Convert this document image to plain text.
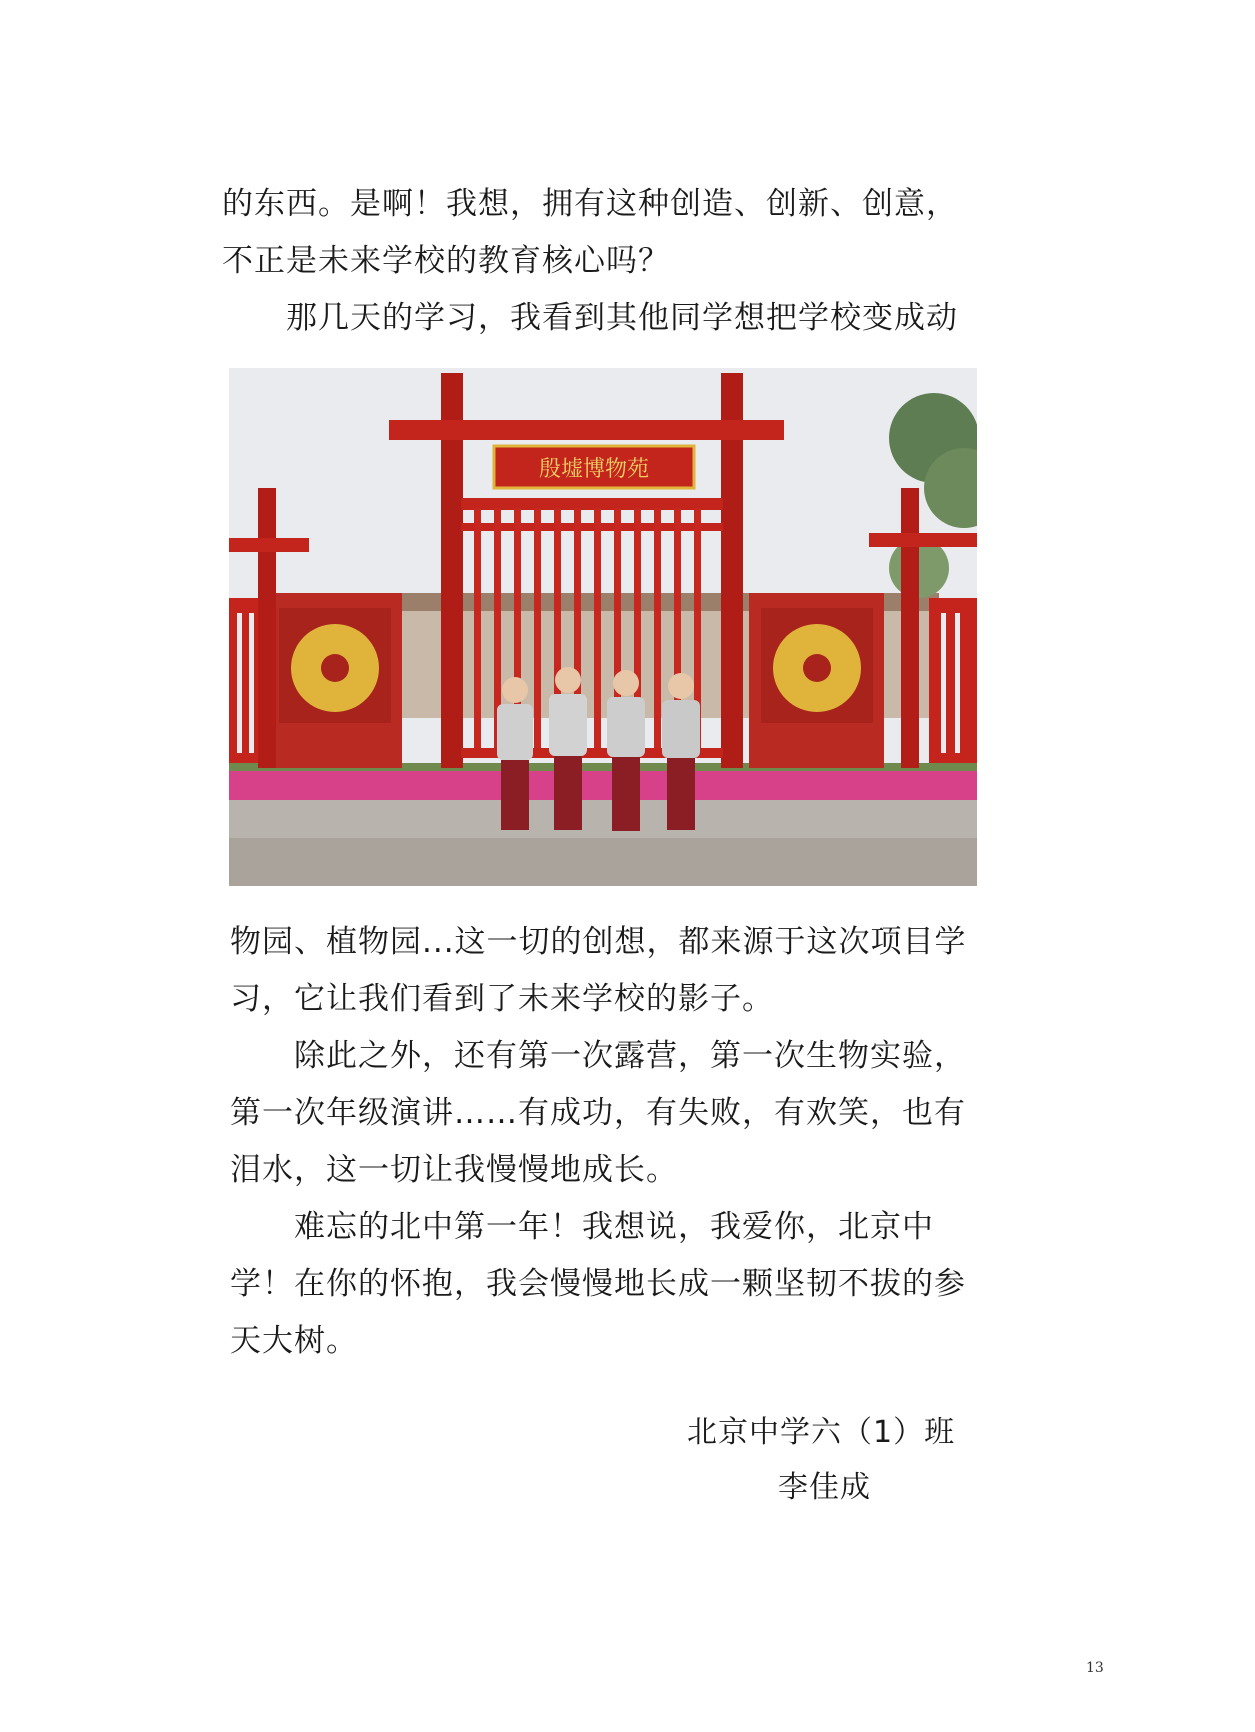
的东西。是啊！我想，拥有这种创造、创新、创意，
不正是未来学校的教育核心吗？
那几天的学习，我看到其他同学想把学校变成动
殷墟博物苑
物园、植物园...这一切的创想，都来源于这次项目学
习，它让我们看到了未来学校的影子。
除此之外，还有第一次露营，第一次生物实验，
第一次年级演讲……有成功，有失败，有欢笑，也有
泪水，这一切让我慢慢地成长。
难忘的北中第一年！我想说，我爱你，北京中
学！在你的怀抱，我会慢慢地长成一颗坚韧不拔的参
天大树。

北京中学六（1）班

李佳成

13
